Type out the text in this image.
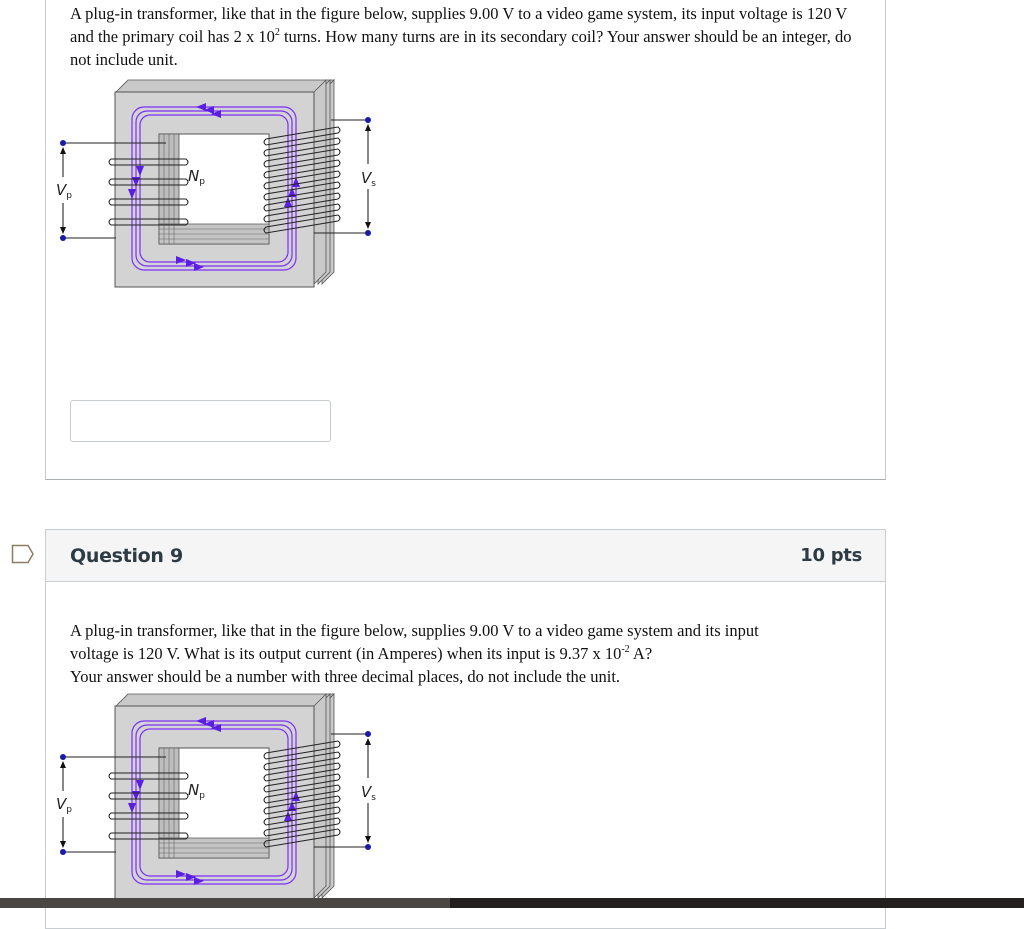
A plug-in transformer, like that in the figure below, supplies 9.00 V to a video game system, its input voltage is 120 V and the primary coil has 2 x $10^2$ turns. How many turns are in its secondary coil? Your answer should be an integer, do not include unit.
$V_p$
$N_p$	$V_s$
Question 9	10 pts
A plug-in transformer, like that in the figure below, supplies 9.00 V to a video game system and its input
voltage is 120 V. What is its output current (in Amperes) when its input is 9.37 x $10^{-2}$ A?
Your answer should be a number with three decimal places, do not include the unit.
$V_p$
$N_p$	$V_s$
